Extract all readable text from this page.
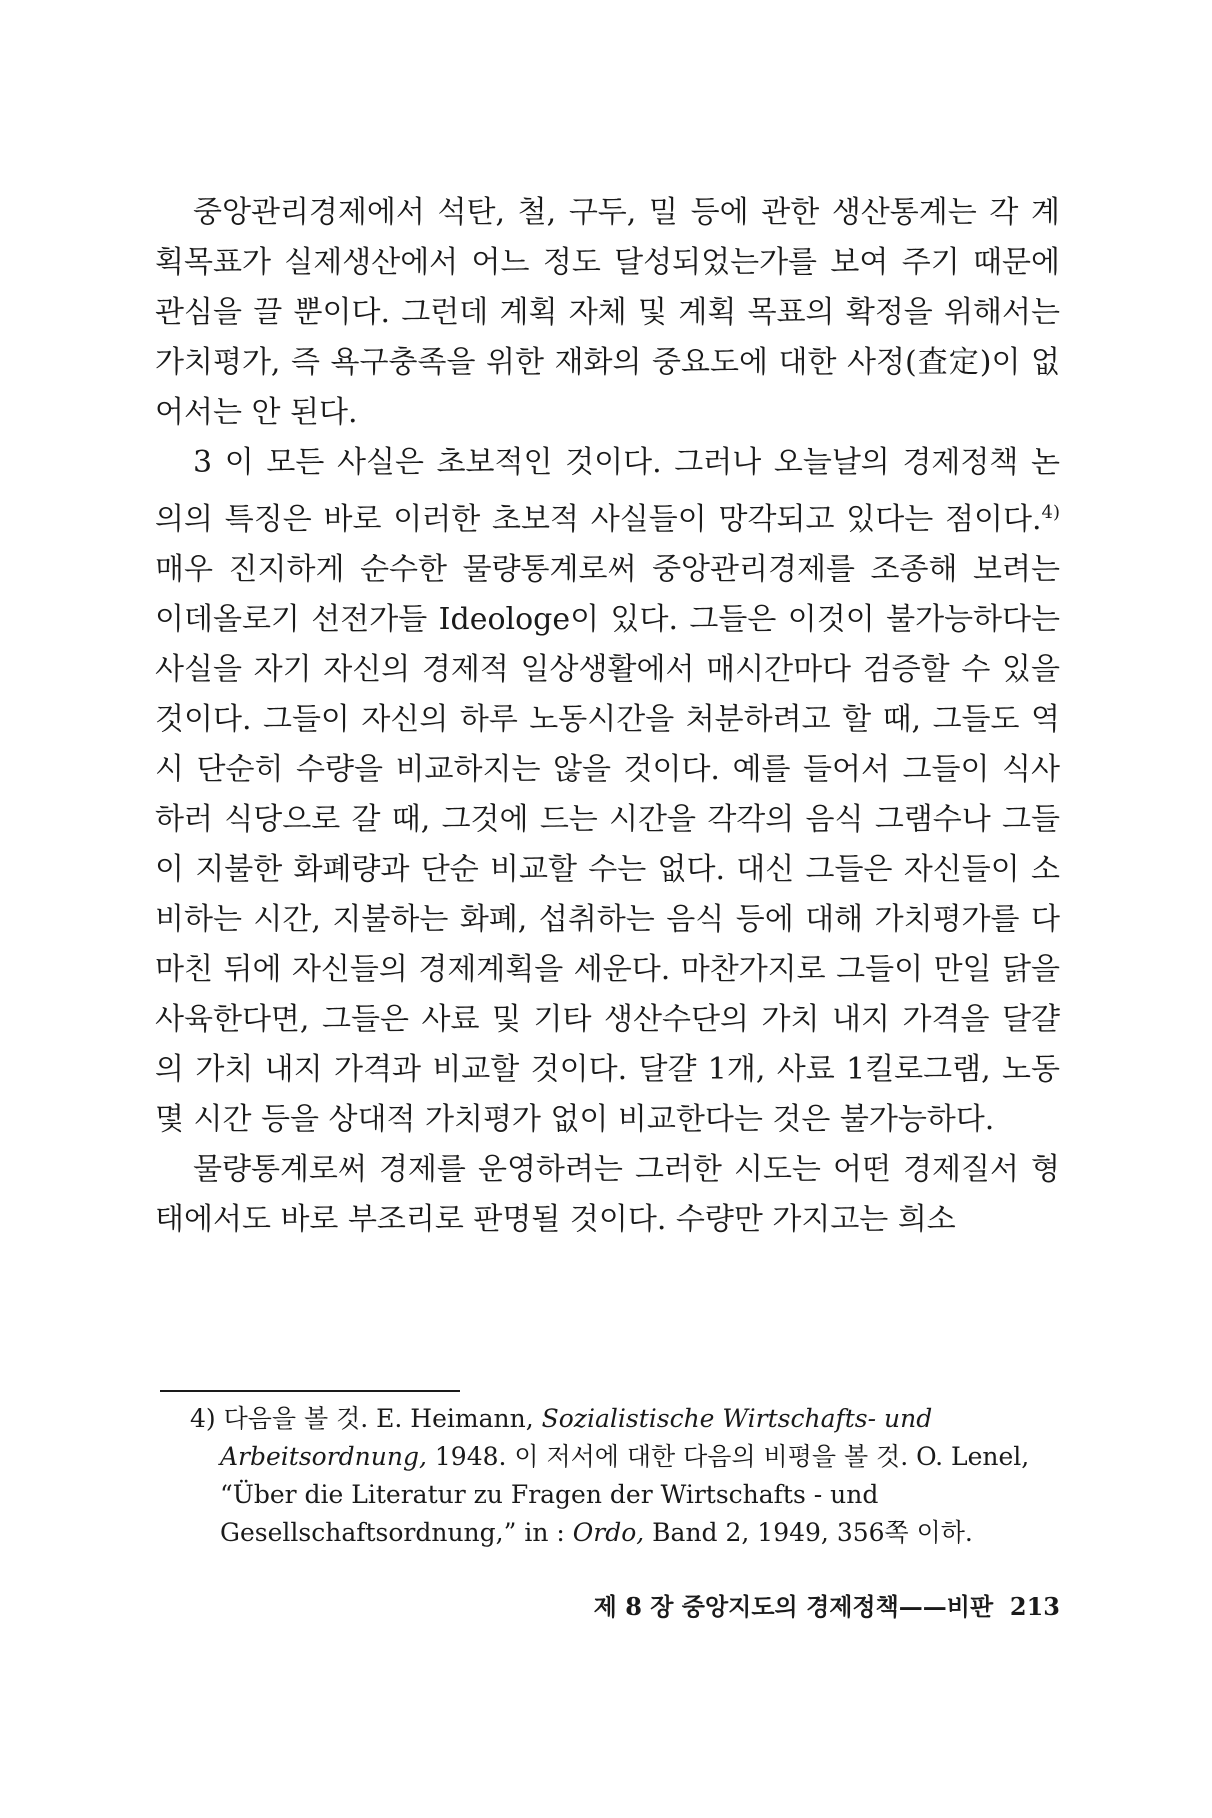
중앙관리경제에서 석탄, 철, 구두, 밀 등에 관한 생산통계는 각 계획목표가 실제생산에서 어느 정도 달성되었는가를 보여 주기 때문에 관심을 끌 뿐이다. 그런데 계획 자체 및 계획 목표의 확정을 위해서는 가치평가, 즉 욕구충족을 위한 재화의 중요도에 대한 사정(査定)이 없어서는 안 된다.

3 이 모든 사실은 초보적인 것이다. 그러나 오늘날의 경제정책 논의의 특징은 바로 이러한 초보적 사실들이 망각되고 있다는 점이다.$^{4)}$ 매우 진지하게 순수한 물량통계로써 중앙관리경제를 조종해 보려는 이데올로기 선전가들 Ideologe이 있다. 그들은 이것이 불가능하다는 사실을 자기 자신의 경제적 일상생활에서 매시간마다 검증할 수 있을 것이다. 그들이 자신의 하루 노동시간을 처분하려고 할 때, 그들도 역시 단순히 수량을 비교하지는 않을 것이다. 예를 들어서 그들이 식사하러 식당으로 갈 때, 그것에 드는 시간을 각각의 음식 그램수나 그들이 지불한 화폐량과 단순 비교할 수는 없다. 대신 그들은 자신들이 소비하는 시간, 지불하는 화폐, 섭취하는 음식 등에 대해 가치평가를 다 마친 뒤에 자신들의 경제계획을 세운다. 마찬가지로 그들이 만일 닭을 사육한다면, 그들은 사료 및 기타 생산수단의 가치 내지 가격을 달걀의 가치 내지 가격과 비교할 것이다. 달걀 1개, 사료 1킬로그램, 노동 몇 시간 등을 상대적 가치평가 없이 비교한다는 것은 불가능하다.

물량통계로써 경제를 운영하려는 그러한 시도는 어떤 경제질서 형태에서도 바로 부조리로 판명될 것이다. 수량만 가지고는 희소

4) 다음을 볼 것. E. Heimann, Sozialistische Wirtschafts- und Arbeitsordnung, 1948. 이 저서에 대한 다음의 비평을 볼 것. O. Lenel, “Über die Literatur zu Fragen der Wirtschafts - und Gesellschaftsordnung,” in : Ordo, Band 2, 1949, 356쪽 이하.

제 8 장 중앙지도의 경제정책——비판 213
